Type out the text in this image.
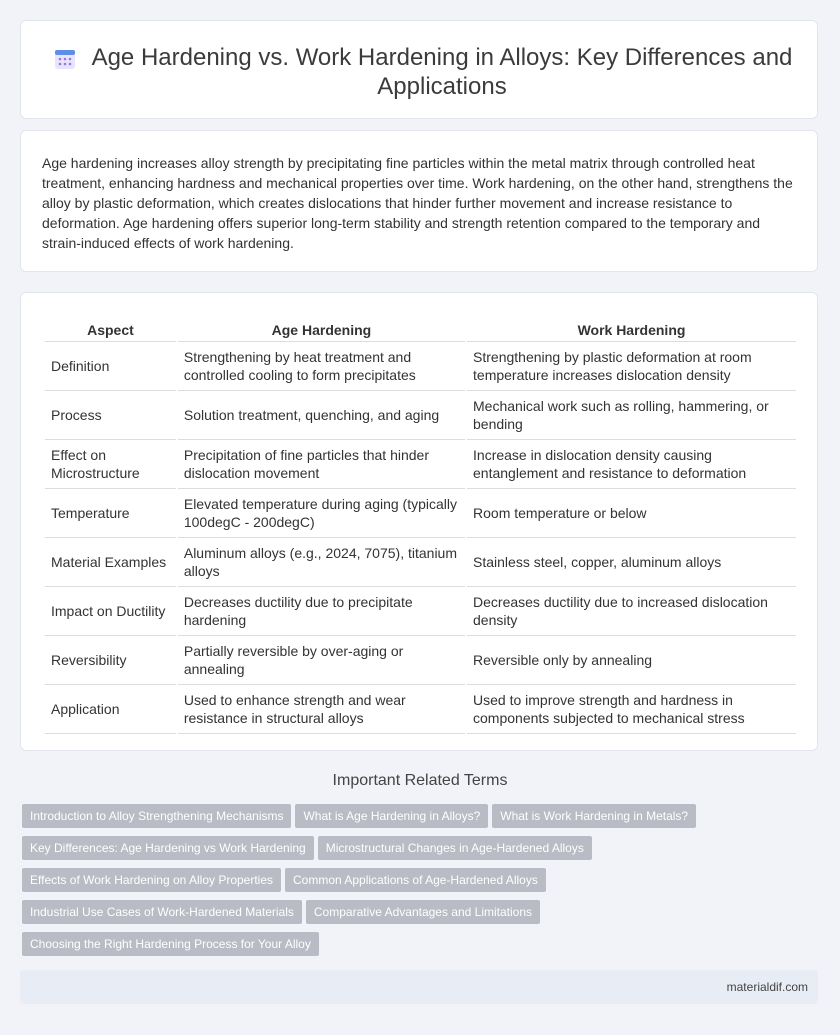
Age Hardening vs. Work Hardening in Alloys: Key Differences and Applications

Age hardening increases alloy strength by precipitating fine particles within the metal matrix through controlled heat treatment, enhancing hardness and mechanical properties over time. Work hardening, on the other hand, strengthens the alloy by plastic deformation, which creates dislocations that hinder further movement and increase resistance to deformation. Age hardening offers superior long-term stability and strength retention compared to the temporary and strain-induced effects of work hardening.

Aspect	Age Hardening	Work Hardening
Definition	Strengthening by heat treatment and controlled cooling to form precipitates	Strengthening by plastic deformation at room temperature increases dislocation density
Process	Solution treatment, quenching, and aging	Mechanical work such as rolling, hammering, or bending
Effect on Microstructure	Precipitation of fine particles that hinder dislocation movement	Increase in dislocation density causing entanglement and resistance to deformation
Temperature	Elevated temperature during aging (typically 100degC - 200degC)	Room temperature or below
Material Examples	Aluminum alloys (e.g., 2024, 7075), titanium alloys	Stainless steel, copper, aluminum alloys
Impact on Ductility	Decreases ductility due to precipitate hardening	Decreases ductility due to increased dislocation density
Reversibility	Partially reversible by over-aging or annealing	Reversible only by annealing
Application	Used to enhance strength and wear resistance in structural alloys	Used to improve strength and hardness in components subjected to mechanical stress
Important Related Terms
Introduction to Alloy Strengthening Mechanisms What is Age Hardening in Alloys? What is Work Hardening in Metals?
Key Differences: Age Hardening vs Work Hardening Microstructural Changes in Age-Hardened Alloys
Effects of Work Hardening on Alloy Properties Common Applications of Age-Hardened Alloys
Industrial Use Cases of Work-Hardened Materials Comparative Advantages and Limitations
Choosing the Right Hardening Process for Your Alloy
materialdif.com
